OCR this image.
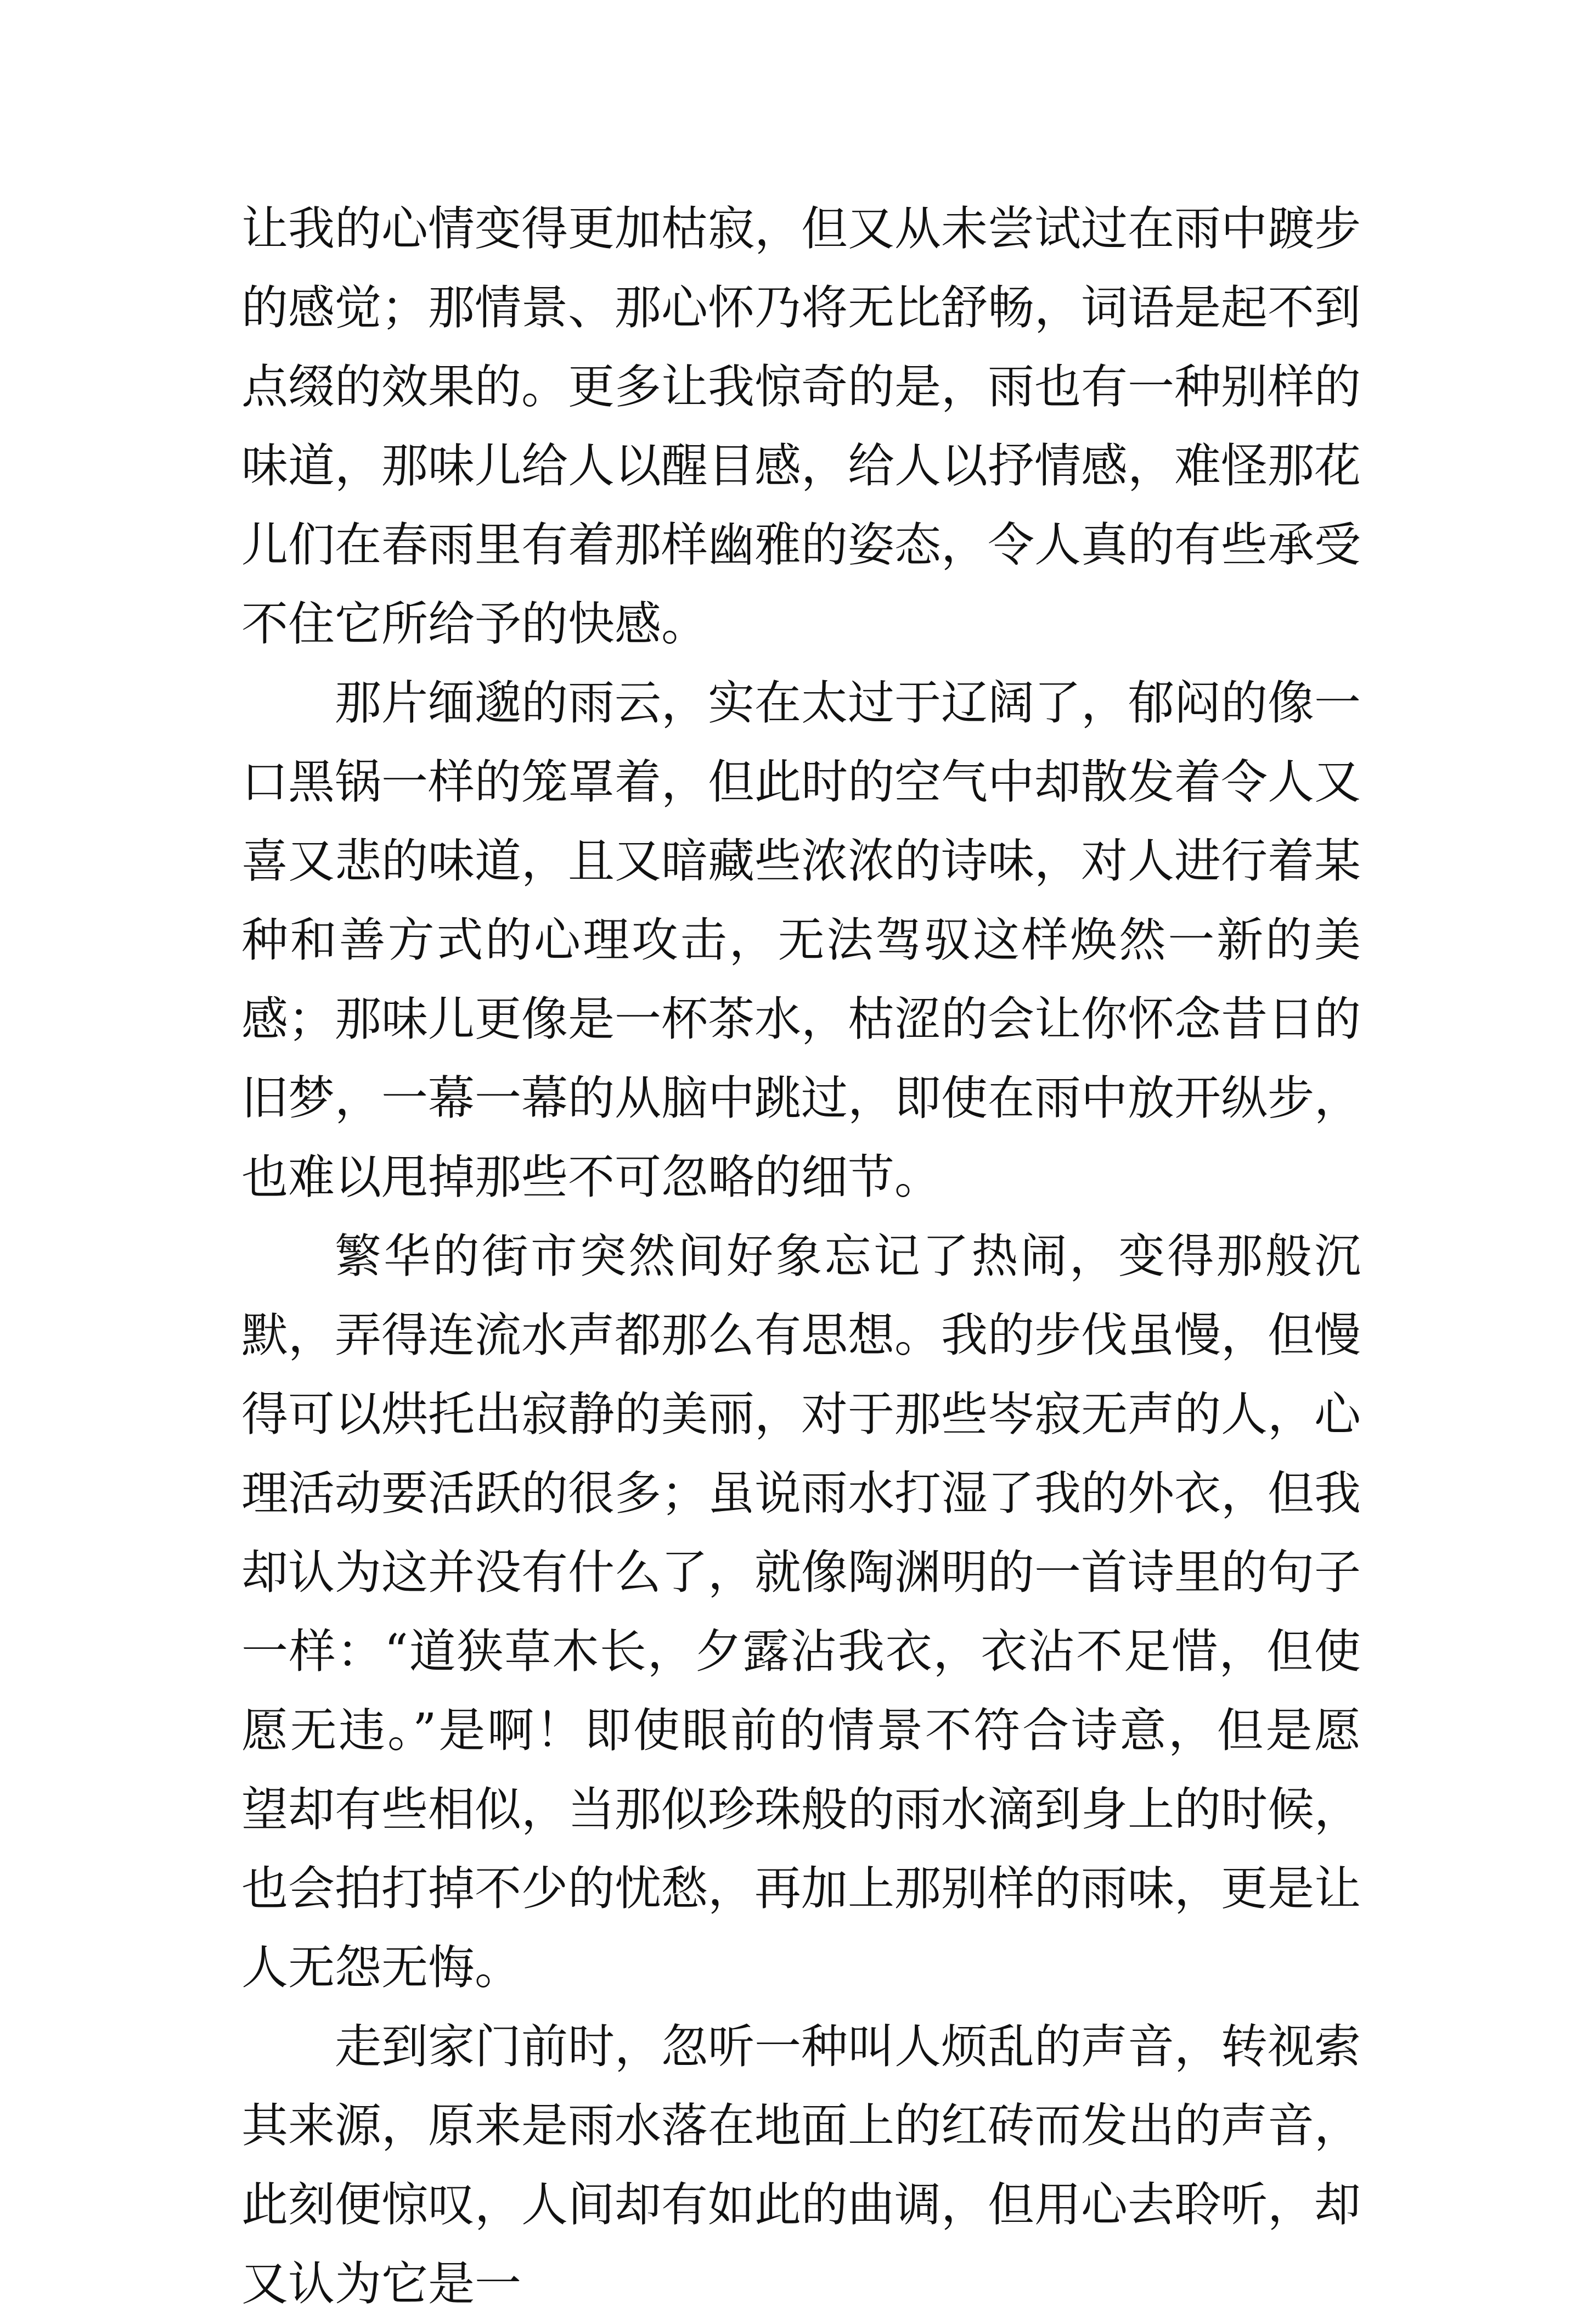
让我的心情变得更加枯寂，但又从未尝试过在雨中踱步的感觉；那情景、那心怀乃将无比舒畅，词语是起不到点缀的效果的。更多让我惊奇的是，雨也有一种别样的味道，那味儿给人以醒目感，给人以抒情感，难怪那花儿们在春雨里有着那样幽雅的姿态，令人真的有些承受不住它所给予的快感。

那片缅邈的雨云，实在太过于辽阔了，郁闷的像一口黑锅一样的笼罩着，但此时的空气中却散发着令人又喜又悲的味道，且又暗藏些浓浓的诗味，对人进行着某种和善方式的心理攻击，无法驾驭这样焕然一新的美感；那味儿更像是一杯茶水，枯涩的会让你怀念昔日的旧梦，一幕一幕的从脑中跳过，即使在雨中放开纵步，也难以甩掉那些不可忽略的细节。

繁华的街市突然间好象忘记了热闹，变得那般沉默，弄得连流水声都那么有思想。我的步伐虽慢，但慢得可以烘托出寂静的美丽，对于那些岑寂无声的人，心理活动要活跃的很多；虽说雨水打湿了我的外衣，但我却认为这并没有什么了，就像陶渊明的一首诗里的句子一样：“道狭草木长，夕露沾我衣，衣沾不足惜，但使愿无违。”是啊！即使眼前的情景不符合诗意，但是愿望却有些相似，当那似珍珠般的雨水滴到身上的时候，也会拍打掉不少的忧愁，再加上那别样的雨味，更是让人无怨无悔。

走到家门前时，忽听一种叫人烦乱的声音，转视索其来源，原来是雨水落在地面上的红砖而发出的声音，此刻便惊叹，人间却有如此的曲调，但用心去聆听，却又认为它是一
